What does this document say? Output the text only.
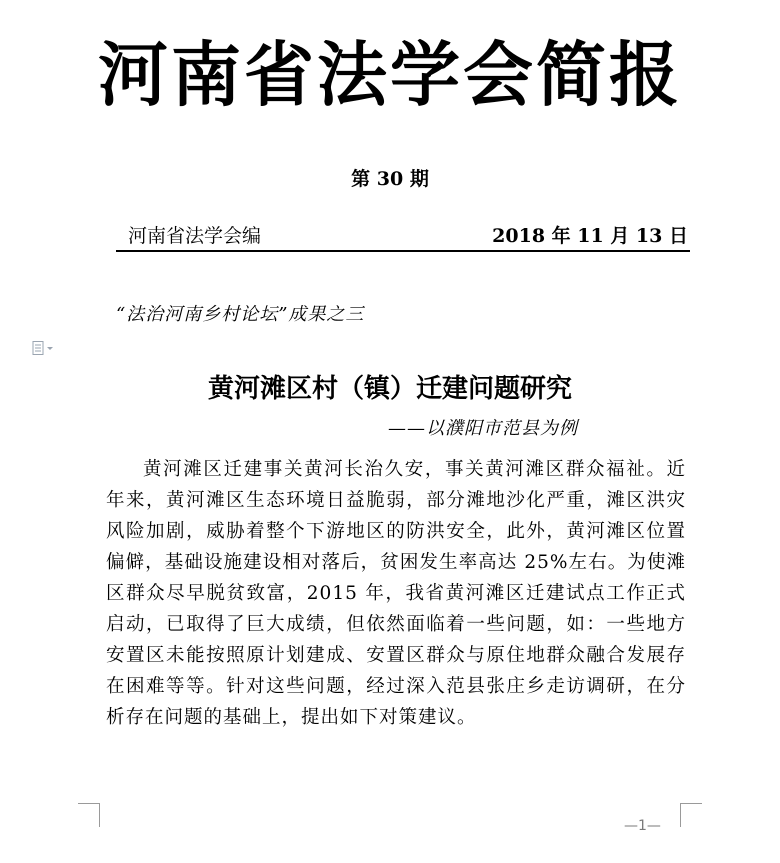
河南省法学会简报
第 30 期
河南省法学会编	2018 年 11 月 13 日
“法治河南乡村论坛”成果之三
黄河滩区村（镇）迁建问题研究
——以濮阳市范县为例
黄河滩区迁建事关黄河长治久安，事关黄河滩区群众福祉。近年来，黄河滩区生态环境日益脆弱，部分滩地沙化严重，滩区洪灾风险加剧，威胁着整个下游地区的防洪安全，此外，黄河滩区位置偏僻，基础设施建设相对落后，贫困发生率高达 25%左右。为使滩区群众尽早脱贫致富，2015 年，我省黄河滩区迁建试点工作正式启动，已取得了巨大成绩，但依然面临着一些问题，如：一些地方安置区未能按照原计划建成、安置区群众与原住地群众融合发展存在困难等等。针对这些问题，经过深入范县张庄乡走访调研，在分析存在问题的基础上，提出如下对策建议。
—1—
